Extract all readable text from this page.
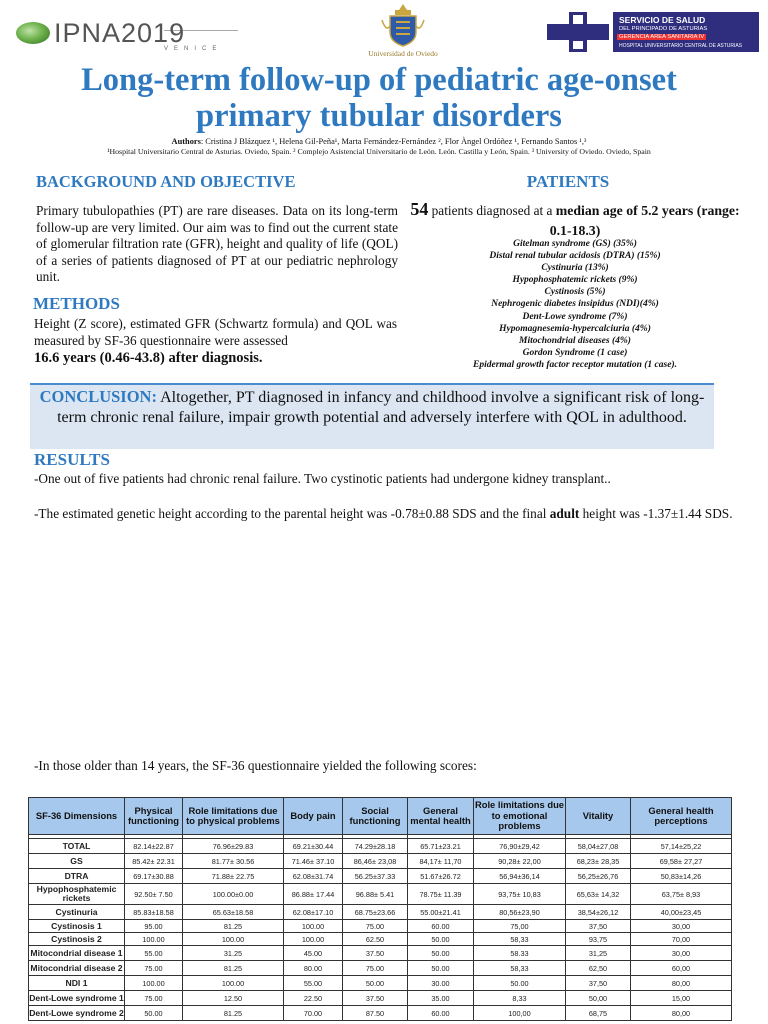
IPNA2019
VENICE	Universidad de Oviedo
SERVICIO DE SALUD
DEL PRINCIPADO DE ASTURIAS
GERENCIA AREA SANITARIA IV
HOSPITAL UNIVERSITARIO CENTRAL DE ASTURIAS
Long-term follow-up of pediatric age-onset primary tubular disorders
Authors: Cristina J Blázquez ¹, Helena Gil-Peña¹, Marta Fernández-Fernández ², Flor Àngel Ordóñez ¹, Fernando Santos ¹,³
¹Hospital Universitario Central de Asturias. Oviedo, Spain. ² Complejo Asistencial Universitario de León. León. Castilla y León, Spain. ³ University of Oviedo. Oviedo, Spain
BACKGROUND AND OBJECTIVE
Primary tubulopathies (PT) are rare diseases. Data on its long-term follow-up are very limited. Our aim was to find out the current state of glomerular filtration rate (GFR), height and quality of life (QOL) of a series of patients diagnosed of PT at our pediatric nephrology unit.
METHODS
Height (Z score), estimated GFR (Schwartz formula) and QOL was measured by SF-36 questionnaire were assessed
16.6 years (0.46-43.8) after diagnosis.
PATIENTS
54 patients diagnosed at a median age of 5.2 years (range: 0.1-18.3)
Gitelman syndrome (GS) (35%)
Distal renal tubular acidosis (DTRA) (15%)
Cystinuria (13%)
Hypophosphatemic rickets (9%)
Cystinosis (5%)
Nephrogenic diabetes insipidus (NDI)(4%)
Dent-Lowe syndrome (7%)
Hypomagnesemia-hypercalciuria (4%)
Mitochondrial diseases (4%)
Gordon Syndrome (1 case)
Epidermal growth factor receptor mutation (1 case).
CONCLUSION: Altogether, PT diagnosed in infancy and childhood involve a significant risk of long-term chronic renal failure, impair growth potential and adversely interfere with QOL in adulthood.
RESULTS
-One out of five patients had chronic renal failure. Two cystinotic patients had undergone kidney transplant..
-The estimated genetic height according to the parental height was -0.78±0.88 SDS and the final adult height was -1.37±1.44 SDS.
-In those older than 14 years, the SF-36 questionnaire yielded the following scores:
SF-36 Dimensions	Physical functioning	Role limitations due to physical problems	Body pain	Social functioning	General mental health	Role limitations due to emotional problems	Vitality	General health perceptions

TOTAL	82.14±22.87	76.96±29.83	69.21±30.44	74.29±28.18	65.71±23.21	76,90±29,42	58,04±27,08	57,14±25,22
GS	85.42± 22.31	81.77± 30.56	71.46± 37.10	86,46± 23,08	84,17± 11,70	90,28± 22,00	68,23± 28,35	69,58± 27,27
DTRA	69.17±30.88	71.88± 22.75	62.08±31.74	56.25±37.33	51.67±26.72	56,94±36,14	56,25±26,76	50,83±14,26
Hypophosphatemic rickets	92.50± 7.50	100.00±0.00	86.88± 17.44	96.88± 5.41	78.75± 11.39	93,75± 10,83	65,63± 14,32	63,75± 8,93
Cystinuria	85.83±18.58	65.63±18.58	62.08±17.10	68.75±23.66	55.00±21.41	80,56±23,90	38,54±26,12	40,00±23,45
Cystinosis 1	95.00	81.25	100.00	75.00	60.00	75,00	37,50	30,00
Cystinosis 2	100.00	100.00	100.00	62.50	50.00	58,33	93,75	70,00
Mitocondrial disease 1	55.00	31.25	45.00	37.50	50.00	58.33	31,25	30,00
Mitocondrial disease 2	75.00	81.25	80.00	75.00	50.00	58,33	62,50	60,00
NDI 1	100.00	100.00	55.00	50.00	30.00	50.00	37,50	80,00
Dent-Lowe syndrome 1	75.00	12.50	22.50	37.50	35.00	8,33	50,00	15,00
Dent-Lowe syndrome 2	50.00	81.25	70.00	87.50	60.00	100,00	68,75	80,00
